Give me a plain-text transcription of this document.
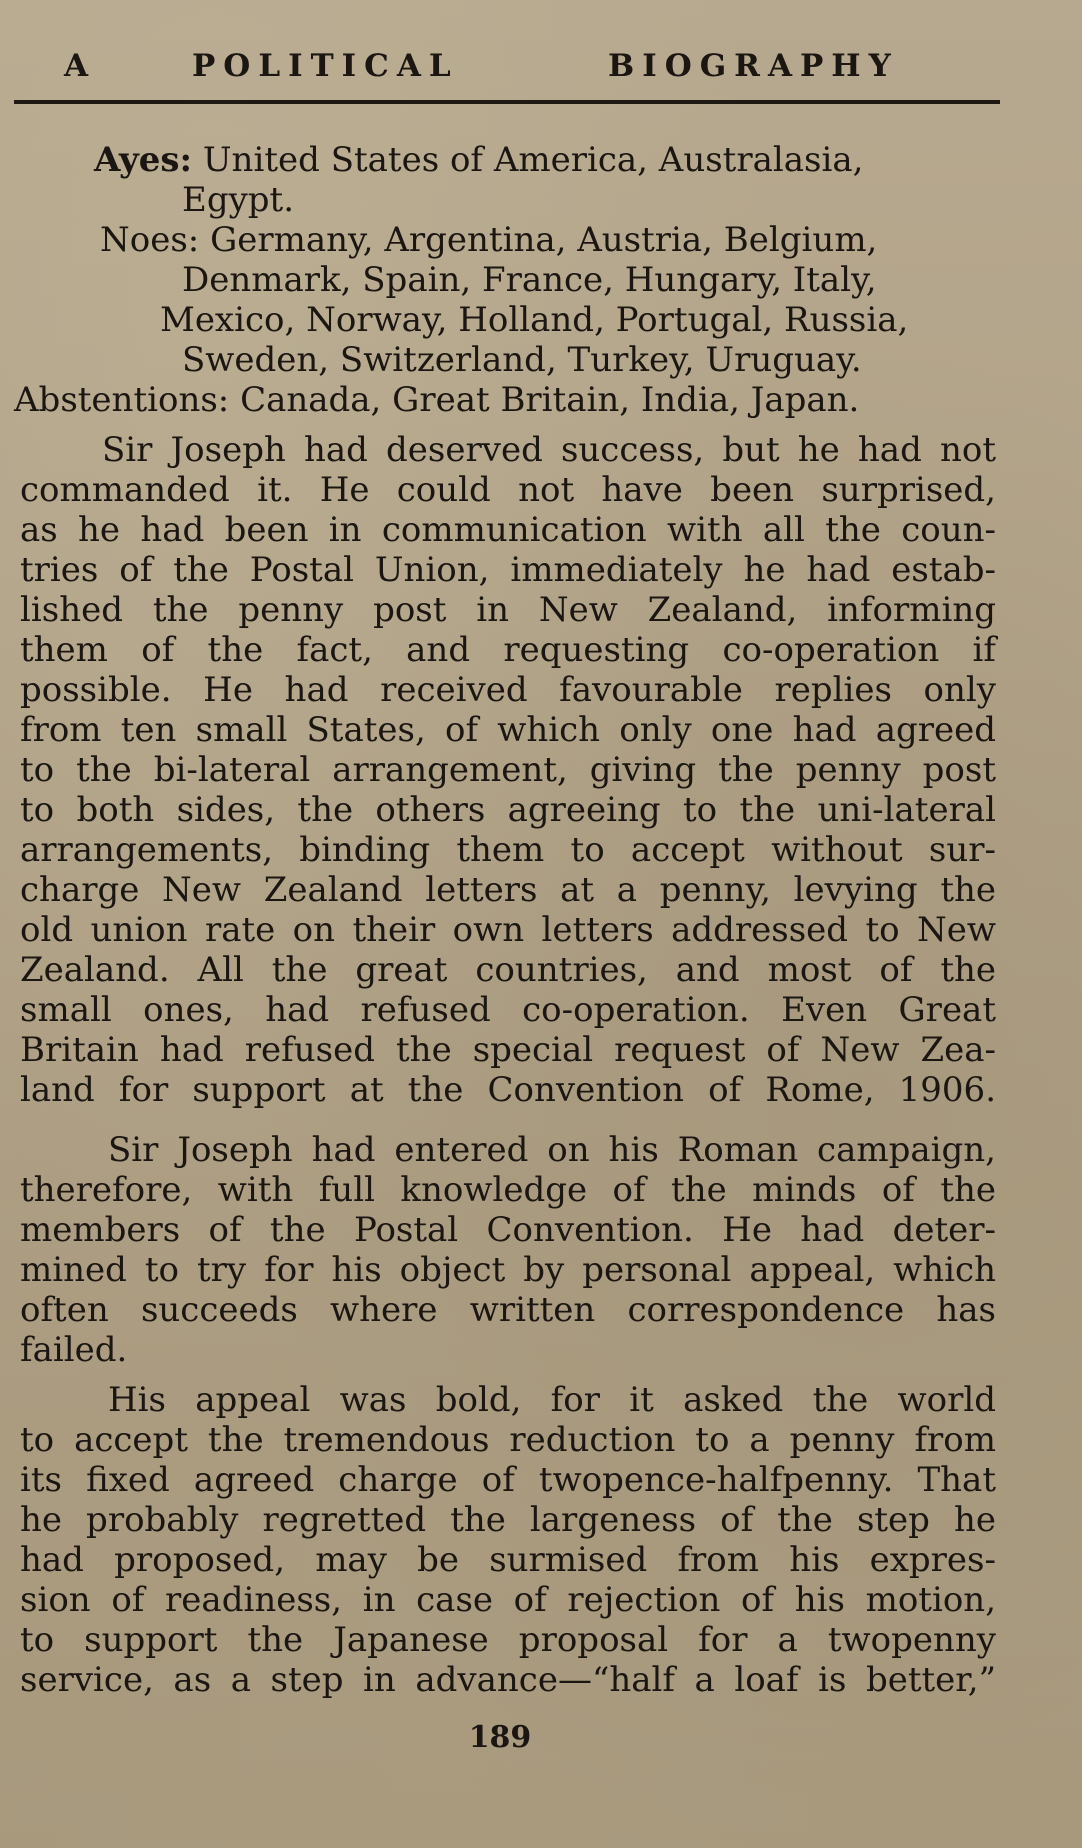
A	POLITICAL	BIOGRAPHY
Ayes: United States of America, Australasia,
Egypt.
Noes: Germany, Argentina, Austria, Belgium,
Denmark, Spain, France, Hungary, Italy,
Mexico, Norway, Holland, Portugal, Russia,
Sweden, Switzerland, Turkey, Uruguay.
Abstentions: Canada, Great Britain, India, Japan.
Sir Joseph had deserved success, but he had not
commanded it. He could not have been surprised,
as he had been in communication with all the coun-
tries of the Postal Union, immediately he had estab-
lished the penny post in New Zealand, informing
them of the fact, and requesting co-operation if
possible. He had received favourable replies only
from ten small States, of which only one had agreed
to the bi-lateral arrangement, giving the penny post
to both sides, the others agreeing to the uni-lateral
arrangements, binding them to accept without sur-
charge New Zealand letters at a penny, levying the
old union rate on their own letters addressed to New
Zealand. All the great countries, and most of the
small ones, had refused co-operation. Even Great
Britain had refused the special request of New Zea-
land for support at the Convention of Rome, 1906.
Sir Joseph had entered on his Roman campaign,
therefore, with full knowledge of the minds of the
members of the Postal Convention. He had deter-
mined to try for his object by personal appeal, which
often succeeds where written correspondence has
failed.
His appeal was bold, for it asked the world
to accept the tremendous reduction to a penny from
its fixed agreed charge of twopence-halfpenny. That
he probably regretted the largeness of the step he
had proposed, may be surmised from his expres-
sion of readiness, in case of rejection of his motion,
to support the Japanese proposal for a twopenny
service, as a step in advance—“half a loaf is better,”
189
